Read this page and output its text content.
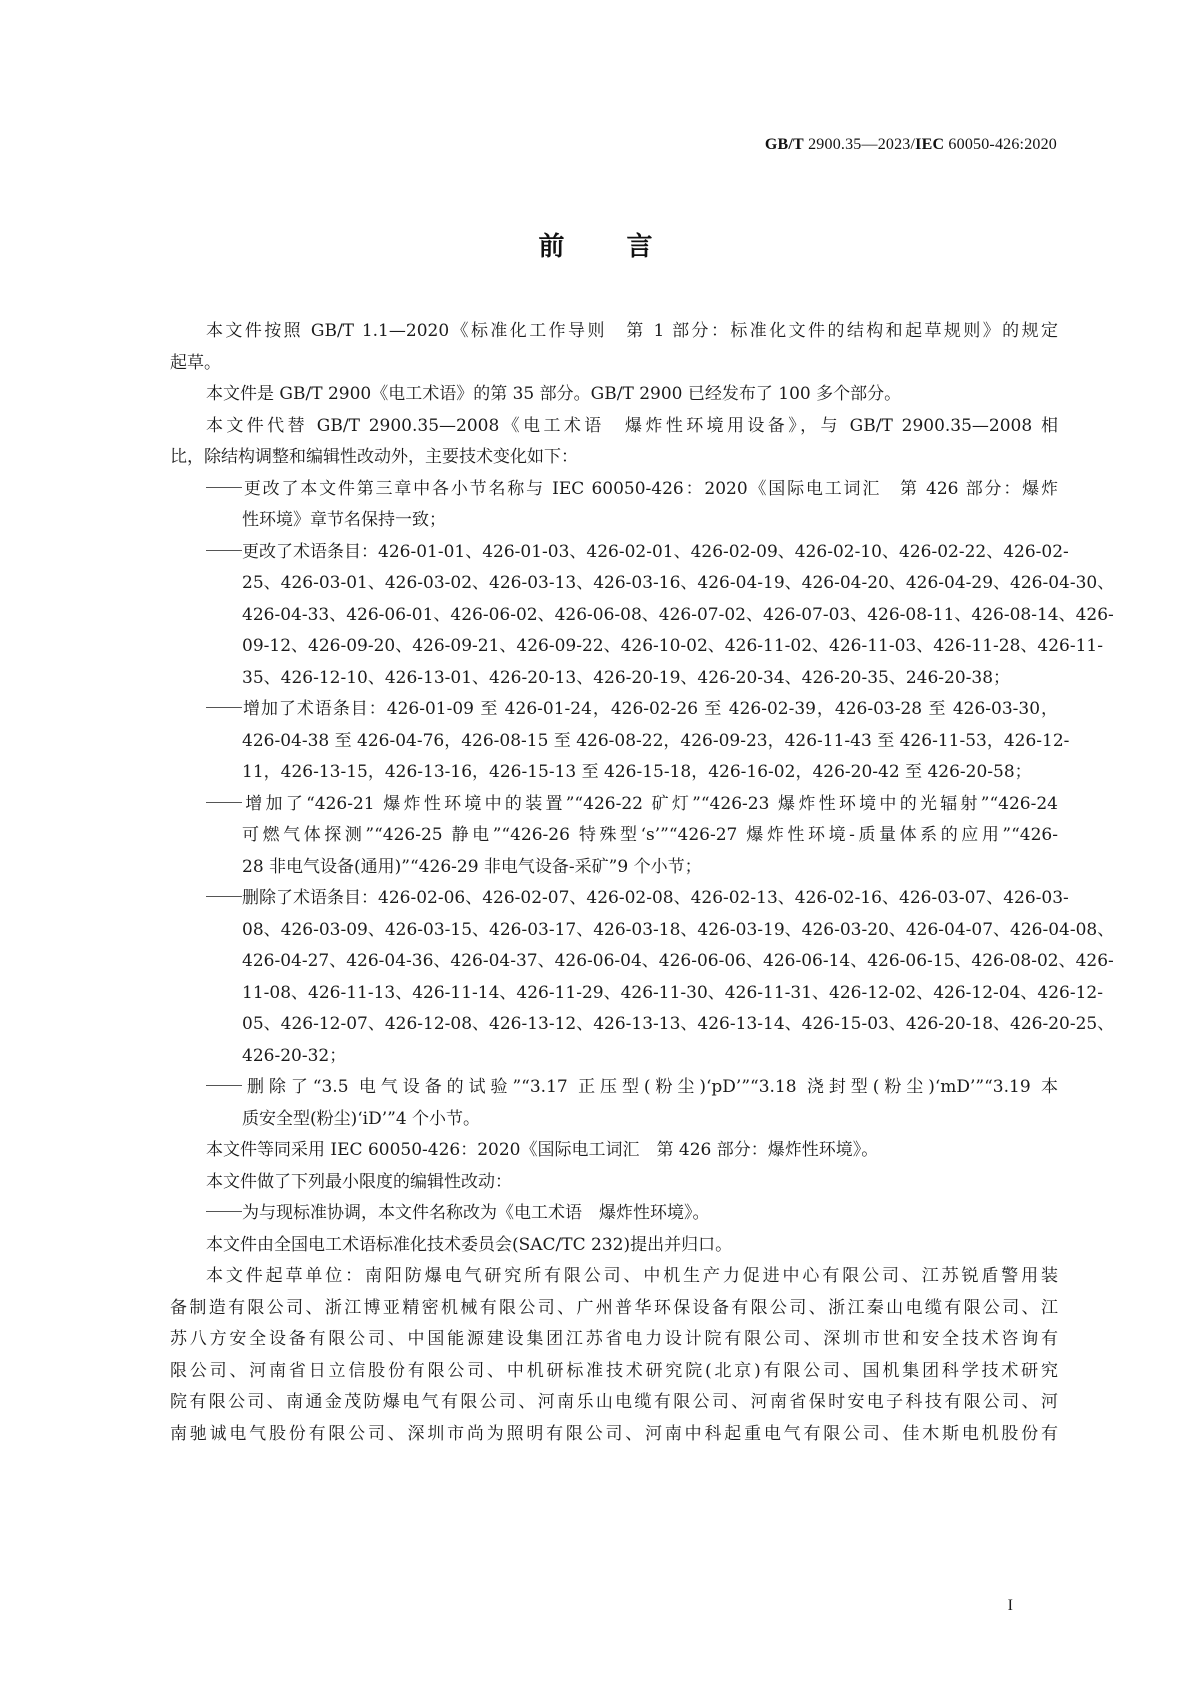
GB/T 2900.35—2023/IEC 60050-426:2020
前 言
本文件按照 GB/T 1.1—2020《标准化工作导则　第 1 部分：标准化文件的结构和起草规则》的规定
起草。
本文件是 GB/T 2900《电工术语》的第 35 部分。GB/T 2900 已经发布了 100 多个部分。
本文件代替 GB/T 2900.35—2008《电工术语　爆炸性环境用设备》，与 GB/T 2900.35—2008 相
比，除结构调整和编辑性改动外，主要技术变化如下：
更改了本文件第三章中各小节名称与 IEC 60050-426：2020《国际电工词汇　第 426 部分：爆炸
性环境》章节名保持一致；
更改了术语条目：426-01-01、426-01-03、426-02-01、426-02-09、426-02-10、426-02-22、426-02-
25、426-03-01、426-03-02、426-03-13、426-03-16、426-04-19、426-04-20、426-04-29、426-04-30、
426-04-33、426-06-01、426-06-02、426-06-08、426-07-02、426-07-03、426-08-11、426-08-14、426-
09-12、426-09-20、426-09-21、426-09-22、426-10-02、426-11-02、426-11-03、426-11-28、426-11-
35、426-12-10、426-13-01、426-20-13、426-20-19、426-20-34、426-20-35、246-20-38；
增加了术语条目：426-01-09 至 426-01-24，426-02-26 至 426-02-39，426-03-28 至 426-03-30，
426-04-38 至 426-04-76，426-08-15 至 426-08-22，426-09-23，426-11-43 至 426-11-53，426-12-
11，426-13-15，426-13-16，426-15-13 至 426-15-18，426-16-02，426-20-42 至 426-20-58；
增加了“426-21 爆炸性环境中的装置”“426-22 矿灯”“426-23 爆炸性环境中的光辐射”“426-24
可燃气体探测”“426-25 静电”“426-26 特殊型‘s’”“426-27 爆炸性环境-质量体系的应用”“426-
28 非电气设备(通用)”“426-29 非电气设备-采矿”9 个小节；
删除了术语条目：426-02-06、426-02-07、426-02-08、426-02-13、426-02-16、426-03-07、426-03-
08、426-03-09、426-03-15、426-03-17、426-03-18、426-03-19、426-03-20、426-04-07、426-04-08、
426-04-27、426-04-36、426-04-37、426-06-04、426-06-06、426-06-14、426-06-15、426-08-02、426-
11-08、426-11-13、426-11-14、426-11-29、426-11-30、426-11-31、426-12-02、426-12-04、426-12-
05、426-12-07、426-12-08、426-13-12、426-13-13、426-13-14、426-15-03、426-20-18、426-20-25、
426-20-32；
删除了“3.5 电气设备的试验”“3.17 正压型(粉尘)‘pD’”“3.18 浇封型(粉尘)‘mD’”“3.19 本
质安全型(粉尘)‘iD’”4 个小节。
本文件等同采用 IEC 60050-426：2020《国际电工词汇　第 426 部分：爆炸性环境》。
本文件做了下列最小限度的编辑性改动：
为与现标准协调，本文件名称改为《电工术语　爆炸性环境》。
本文件由全国电工术语标准化技术委员会(SAC/TC 232)提出并归口。
本文件起草单位：南阳防爆电气研究所有限公司、中机生产力促进中心有限公司、江苏锐盾警用装
备制造有限公司、浙江博亚精密机械有限公司、广州普华环保设备有限公司、浙江秦山电缆有限公司、江
苏八方安全设备有限公司、中国能源建设集团江苏省电力设计院有限公司、深圳市世和安全技术咨询有
限公司、河南省日立信股份有限公司、中机研标准技术研究院(北京)有限公司、国机集团科学技术研究
院有限公司、南通金茂防爆电气有限公司、河南乐山电缆有限公司、河南省保时安电子科技有限公司、河
南驰诚电气股份有限公司、深圳市尚为照明有限公司、河南中科起重电气有限公司、佳木斯电机股份有
I
